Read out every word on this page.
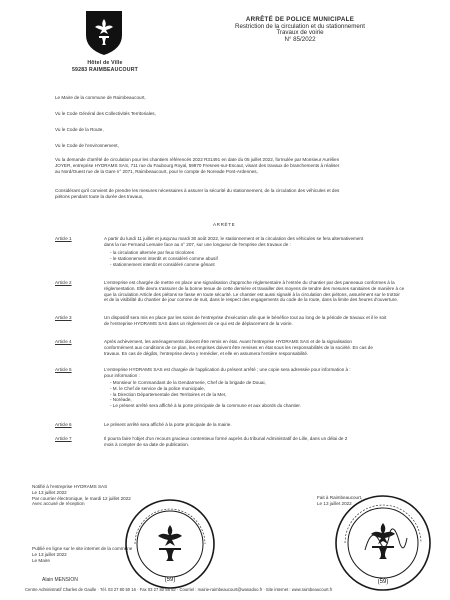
Hôtel de Ville
59283 RAIMBEAUCOURT
ARRÊTÉ DE POLICE MUNICIPALE
Restriction de la circulation et du stationnement
Travaux de voirie
N° 85/2022
Le Maire de la commune de Raimbeaucourt,
Vu le Code Général des Collectivités Territoriales,
Vu le Code de la Route,
Vu le Code de l'environnement,
Vu la demande d'arrêté de circulation pour les chantiers référencés 2022 R31491 en date du 05 juillet 2022, formulée par Monsieur Aurélien
JOYER, entreprise HYDRAMS SAS, 711 rue du Faubourg Royal, 59970 Fresnes-sur-Escaut, visant des travaux de branchements à réaliser
au Nord/Ouest rue de la Gare n° 2071, Raimbeaucourt, pour le compte de Noreade Pont-Ardennes,
Considérant qu'il convient de prendre les mesures nécessaires à assurer la sécurité du stationnement, de la circulation des véhicules et des
piétons pendant toute la durée des travaux,
ARRÊTE
Article 1	A partir du lundi 11 juillet et jusqu'au mardi 30 août 2022, le stationnement et la circulation des véhicules se fera alternativement
dans la rue Fernand Lemaire face au n° 207, sur une longueur de l'emprise des travaux de :
- la circulation alternée par feux tricolores
- le stationnement interdit et considéré comme abusif
- stationnement interdit et considéré comme gênant
Article 2	L'entreprise est chargée de mettre en place une signalisation d'approche réglementaire à l'entrée du chantier par des panneaux conformes à la
réglementation. Elle devra s'assurer de la bonne tenue de cette dernière et travailler des moyens de tendre des mesures sanitaires de manière à ce
que la circulation Article des piétons se fasse en toute sécurité. Le chantier est aussi signalé à la circulation des piétons, assurément sur le trottoir
et de la visibilité du chantier de jour comme de nuit, dans le respect des engagements du code de la route, dans la limite des heures d'ouverture.
Article 3	Un dispositif sera mis en place par les soins de l'entreprise d'exécution afin que le bénéfice tout au long de la période de travaux et il le soit
de l'entreprise HYDRAMS SAS dans un règlement de ce qui est de déplacement de la voirie.
Article 4	Après achèvement, les aménagements doivent être remis en état. Avant l'entreprise HYDRAMS SAS et de la signalisation
conformément aux conditions de ce plan, les emprises doivent être remises en état sous les responsabilités de la société. En cas de
travaux. En cas de dégâts, l'entreprise devra y remédier, et elle en assumera l'entière responsabilité.
Article 5	L'entreprise HYDRAMS SAS est chargée de l'application du présent arrêté ; une copie sera adressée pour information à :
pour information :
- Monsieur le Commandant de la Gendarmerie, Chef de la brigade de Douai,
- M. le Chef de service de la police municipale,
- la Direction Départementale des Territoires et de la Mer,
- Noréade,
- Le présent arrêté sera affiché à la porte principale de la commune et aux abords du chantier.
Article 6	Le présent arrêté sera affiché à la porte principale de la mairie.
Article 7	Il pourra faire l'objet d'un recours gracieux contentieux formé auprès du tribunal Administratif de Lille, dans un délai de 2
mois à compter de sa date de publication.
Notifié à l'entreprise HYDRAMS SAS
Le 13 juillet 2022
Par courrier électronique, le mardi 12 juillet 2022
Avec accusé de réception
Fait à Raimbeaucourt,
Le 13 juillet 2022
Publié en ligne sur le site internet de la commune
Le 13 juillet 2022
Le Maire
Alain MENSION	(59)	(59)
Centre Administratif Charles de Gaulle · Tél. 03 27 80 50 16 · Fax 03 27 80 58 82 · Courriel : mairie-raimbeaucourt@wanadoo.fr · Site internet : www.raimbeaucourt.fr
